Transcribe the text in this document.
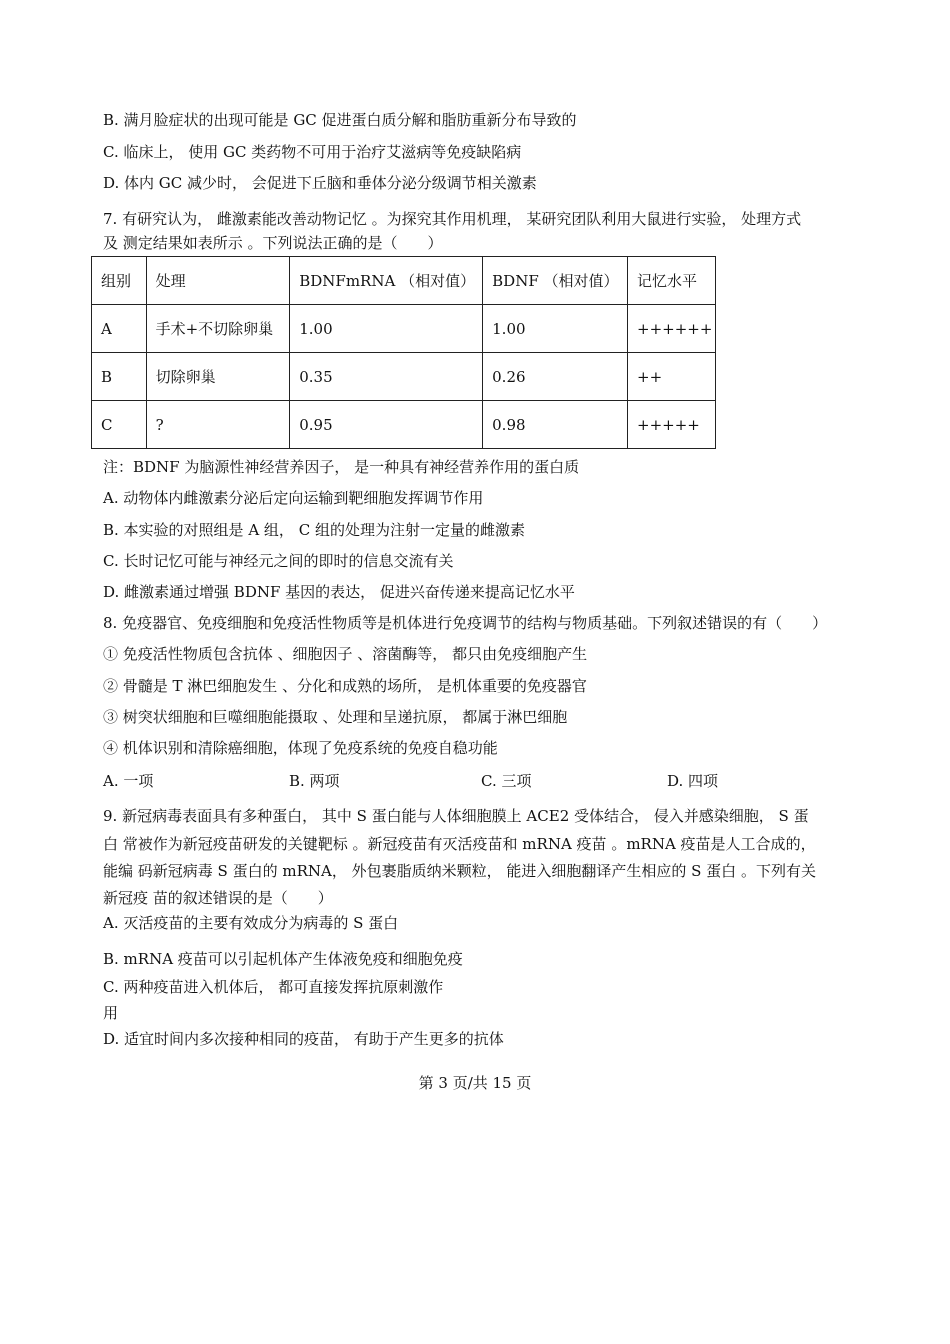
B. 满月脸症状的出现可能是 GC 促进蛋白质分解和脂肪重新分布导致的
C. 临床上， 使用 GC 类药物不可用于治疗艾滋病等免疫缺陷病
D. 体内 GC 减少时， 会促进下丘脑和垂体分泌分级调节相关激素
7. 有研究认为， 雌激素能改善动物记忆 。为探究其作用机理， 某研究团队利用大鼠进行实验， 处理方式
及 测定结果如表所示 。下列说法正确的是（　　）
组别	处理	BDNFmRNA （相对值）	BDNF （相对值）	记忆水平
A	手术+不切除卵巢	1.00	1.00	++++++
B	切除卵巢	0.35	0.26	++
C	?	0.95	0.98	+++++
注：BDNF 为脑源性神经营养因子， 是一种具有神经营养作用的蛋白质
A. 动物体内雌激素分泌后定向运输到靶细胞发挥调节作用
B. 本实验的对照组是 A 组， C 组的处理为注射一定量的雌激素
C. 长时记忆可能与神经元之间的即时的信息交流有关
D. 雌激素通过增强 BDNF 基因的表达， 促进兴奋传递来提高记忆水平
8. 免疫器官、免疫细胞和免疫活性物质等是机体进行免疫调节的结构与物质基础。下列叙述错误的有（　　）
① 免疫活性物质包含抗体 、细胞因子 、溶菌酶等， 都只由免疫细胞产生
② 骨髓是 T 淋巴细胞发生 、分化和成熟的场所， 是机体重要的免疫器官
③ 树突状细胞和巨噬细胞能摄取 、处理和呈递抗原， 都属于淋巴细胞
④ 机体识别和清除癌细胞，体现了免疫系统的免疫自稳功能
A. 一项	B. 两项	C. 三项	D. 四项
9. 新冠病毒表面具有多种蛋白， 其中 S 蛋白能与人体细胞膜上 ACE2 受体结合， 侵入并感染细胞， S 蛋
白 常被作为新冠疫苗研发的关键靶标 。新冠疫苗有灭活疫苗和 mRNA 疫苗 。mRNA 疫苗是人工合成的，
能编 码新冠病毒 S 蛋白的 mRNA， 外包裹脂质纳米颗粒， 能进入细胞翻译产生相应的 S 蛋白 。下列有关
新冠疫 苗的叙述错误的是（　　）
A. 灭活疫苗的主要有效成分为病毒的 S 蛋白
B. mRNA 疫苗可以引起机体产生体液免疫和细胞免疫
C. 两种疫苗进入机体后， 都可直接发挥抗原刺激作
用
D. 适宜时间内多次接种相同的疫苗， 有助于产生更多的抗体
第 3 页/共 15 页
